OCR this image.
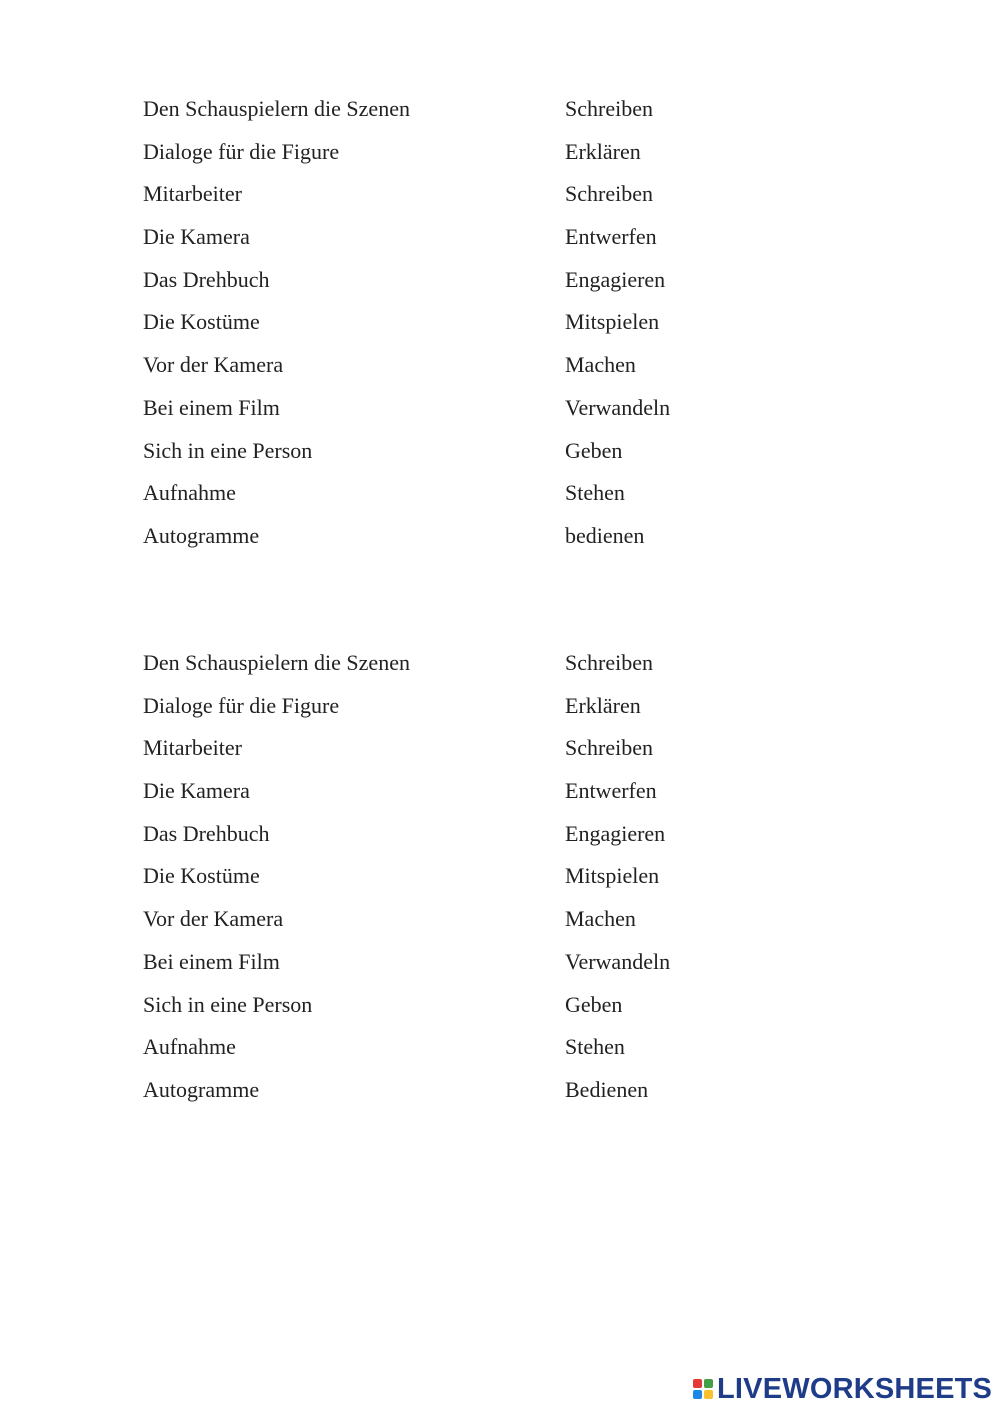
Den Schauspielern die Szenen	Schreiben
Dialoge für die Figure	Erklären
Mitarbeiter	Schreiben
Die Kamera	Entwerfen
Das Drehbuch	Engagieren
Die Kostüme	Mitspielen
Vor der Kamera	Machen
Bei einem Film	Verwandeln
Sich in eine Person	Geben
Aufnahme	Stehen
Autogramme	bedienen
Den Schauspielern die Szenen	Schreiben
Dialoge für die Figure	Erklären
Mitarbeiter	Schreiben
Die Kamera	Entwerfen
Das Drehbuch	Engagieren
Die Kostüme	Mitspielen
Vor der Kamera	Machen
Bei einem Film	Verwandeln
Sich in eine Person	Geben
Aufnahme	Stehen
Autogramme	Bedienen
LIVEWORKSHEETS
